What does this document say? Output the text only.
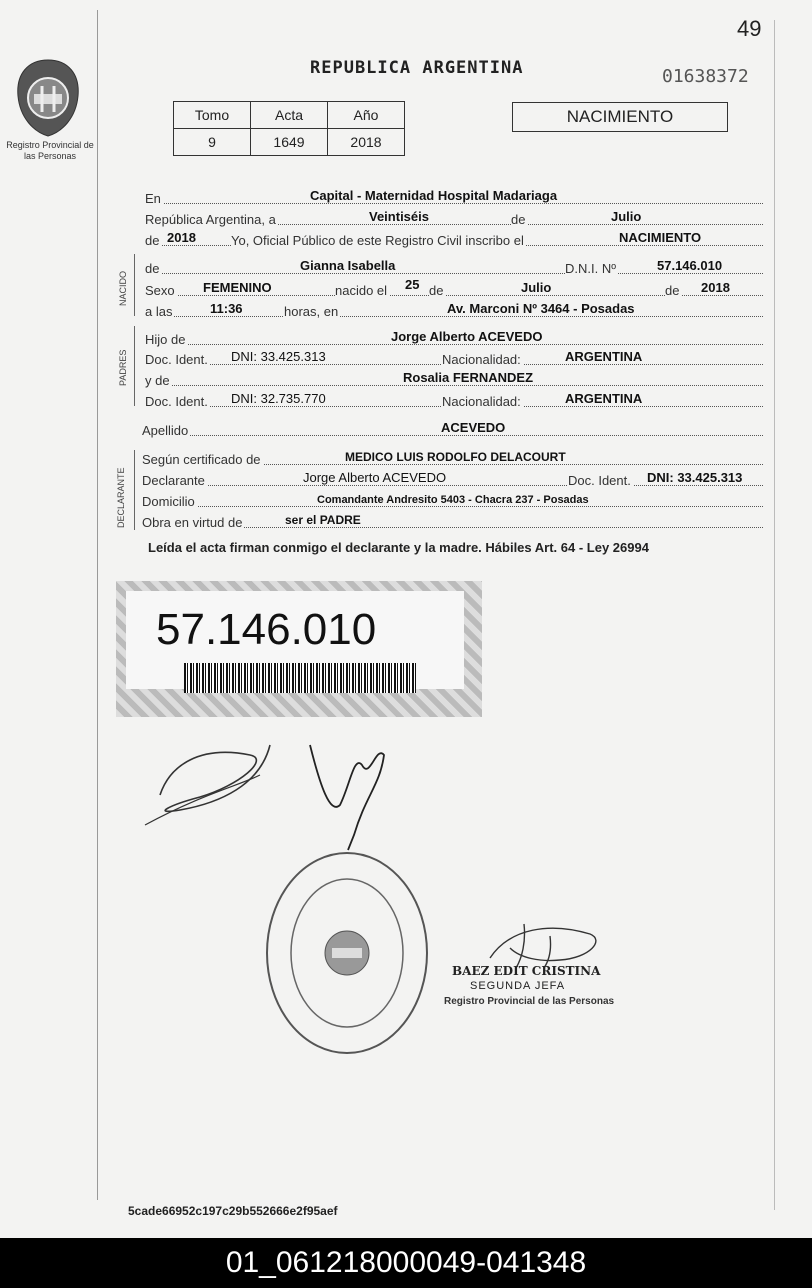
49
Registro Provincial de las Personas
REPUBLICA ARGENTINA	01638372
Tomo	Acta	Año
9	1649	2018
NACIMIENTO
En	Capital - Maternidad Hospital Madariaga
República Argentina, a	Veintiséis	de	Julio
de 2018	Yo, Oficial Público de este Registro Civil inscribo el	NACIMIENTO
NACIDO
de	Gianna Isabella	D.N.I. Nº	57.146.010
Sexo FEMENINO	nacido el 25 de	Julio	de 2018
a las	11:36	horas, en	Av. Marconi Nº 3464 - Posadas
PADRES
Hijo de	Jorge Alberto ACEVEDO
Doc. Ident. DNI: 33.425.313	Nacionalidad:	ARGENTINA
y de	Rosalia FERNANDEZ
Doc. Ident. DNI: 32.735.770	Nacionalidad:	ARGENTINA
Apellido	ACEVEDO
DECLARANTE
Según certificado de	MEDICO LUIS RODOLFO DELACOURT
Declarante	Jorge Alberto ACEVEDO	Doc. Ident. DNI: 33.425.313
Domicilio	Comandante Andresito 5403 - Chacra 237 - Posadas
Obra en virtud de	ser el PADRE
Leída el acta firman conmigo el declarante y la madre. Hábiles Art. 64 - Ley 26994
57.146.010
BAEZ EDIT CRISTINA
SEGUNDA JEFA
Registro Provincial de las Personas
5cade66952c197c29b552666e2f95aef
01_061218000049-041348
